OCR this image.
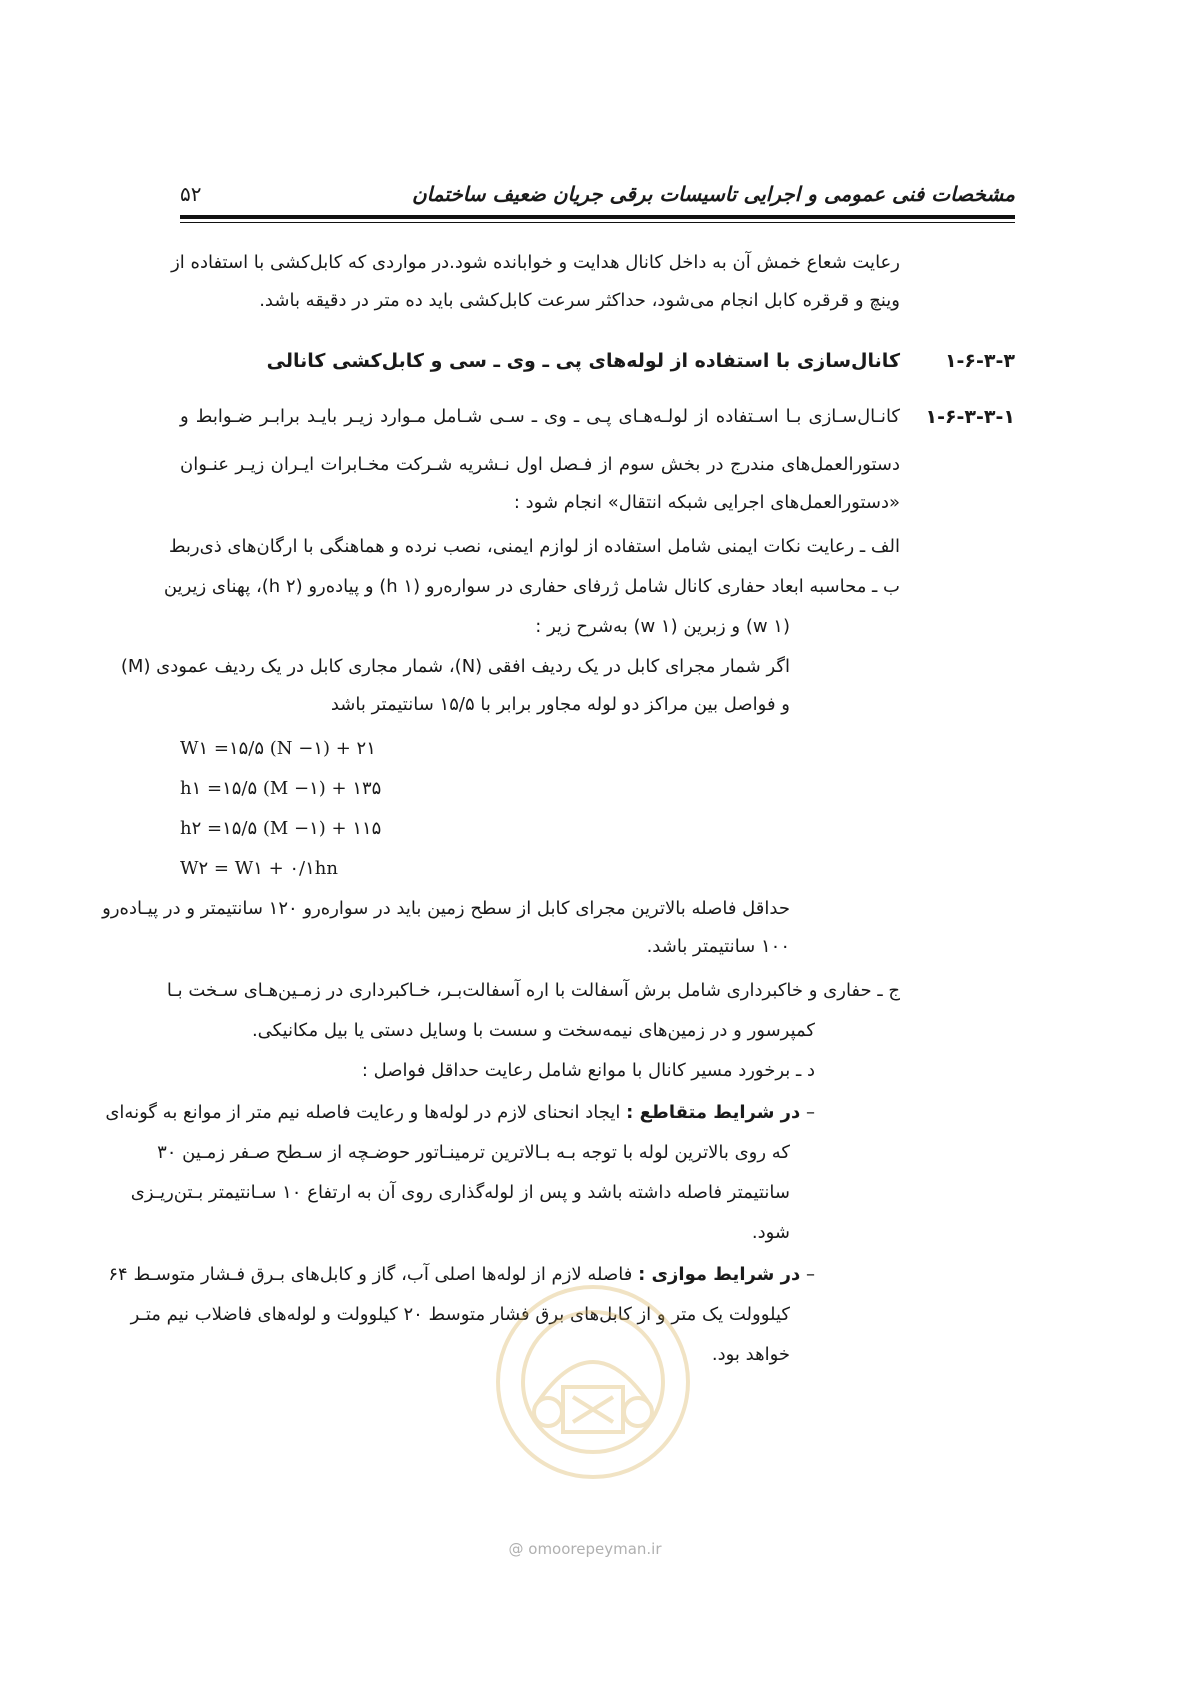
۵۲	مشخصات فنی عمومی و اجرایی تاسیسات برقی جریان ضعیف ساختمان
رعایت شعاع خمش آن به داخل کانال هدایت و خوابانده شود.در مواردی که کابل‌کشی با استفاده از
وینچ و قرقره کابل انجام می‌شود، حداکثر سرعت کابل‌کشی باید ده متر در دقیقه باشد.
۱-۶-۳-۳
کانال‌سازی با استفاده از لوله‌های پی ـ وی ـ سی و کابل‌کشی کانالی
۱-۶-۳-۳-۱
کانـال‌سـازی بـا اسـتفاده از لولـه‌هـای پـی ـ وی ـ سـی شـامل مـوارد زیـر بایـد برابـر ضـوابط و
دستورالعمل‌های مندرج در بخش سوم از فـصل اول نـشریه شـرکت مخـابرات ایـران زیـر عنـوان
«دستورالعمل‌های اجرایی شبکه انتقال» انجام شود :
الف ـ رعایت نکات ایمنی شامل استفاده از لوازم ایمنی، نصب نرده و هماهنگی با ارگان‌های ذی‌ربط
ب ـ محاسبه ابعاد حفاری کانال شامل ژرفای حفاری در سواره‌رو (h ۱) و پیاده‌رو (h ۲)، پهنای زیرین
(w ۱) و زبرین (w ۱) به‌شرح زیر :
اگر شمار مجرای کابل در یک ردیف افقی (N)، شمار مجاری کابل در یک ردیف عمودی (M)
و فواصل بین مراکز دو لوله مجاور برابر با ۱۵/۵ سانتیمتر باشد
W۱ =۱۵/۵ (N −۱) + ۲۱
h۱ =۱۵/۵ (M −۱) + ۱۳۵
h۲ =۱۵/۵ (M −۱) + ۱۱۵
W۲ = W۱ + ۰/۱hn
حداقل فاصله بالاترین مجرای کابل از سطح زمین باید در سواره‌رو ۱۲۰ سانتیمتر و در پیـاده‌رو
۱۰۰ سانتیمتر باشد.
ج ـ حفاری و خاکبرداری شامل برش آسفالت با اره آسفالت‌بـر، خـاکبرداری در زمـین‌هـای سـخت بـا
کمپرسور و در زمین‌های نیمه‌سخت و سست با وسایل دستی یا بیل مکانیکی.
د ـ برخورد مسیر کانال با موانع شامل رعایت حداقل فواصل :
– در شرایط متقاطع : ایجاد انحنای لازم در لوله‌ها و رعایت فاصله نیم متر از موانع به گونه‌ای
که روی بالاترین لوله با توجه بـه بـالاترین ترمینـاتور حوضـچه از سـطح صـفر زمـین ۳۰
سانتیمتر فاصله داشته باشد و پس از لوله‌گذاری روی آن به ارتفاع ۱۰ سـانتیمتر بـتن‌ریـزی
شود.
– در شرایط موازی : فاصله لازم از لوله‌ها اصلی آب، گاز و کابل‌های بـرق فـشار متوسـط ۶۴
کیلوولت یک متر و از کابل‌های برق فشار متوسط ۲۰ کیلوولت و لوله‌های فاضلاب نیم متـر
خواهد بود.
@ omoorepeyman.ir
